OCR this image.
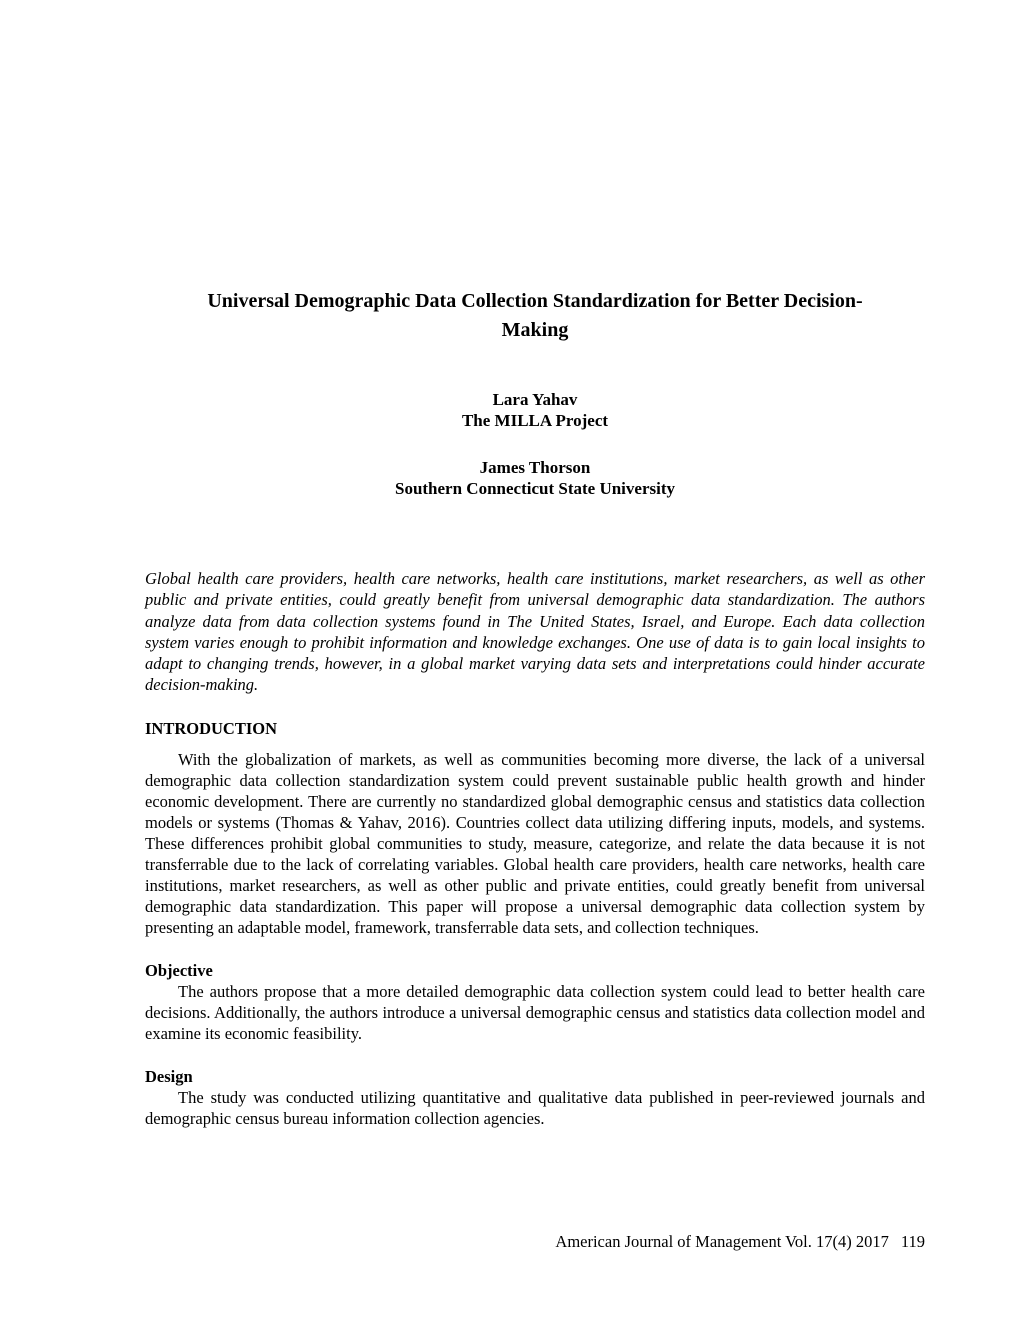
Universal Demographic Data Collection Standardization for Better Decision-Making
Lara Yahav
The MILLA Project
James Thorson
Southern Connecticut State University

Global health care providers, health care networks, health care institutions, market researchers, as well as other public and private entities, could greatly benefit from universal demographic data standardization. The authors analyze data from data collection systems found in The United States, Israel, and Europe. Each data collection system varies enough to prohibit information and knowledge exchanges. One use of data is to gain local insights to adapt to changing trends, however, in a global market varying data sets and interpretations could hinder accurate decision-making.

INTRODUCTION

With the globalization of markets, as well as communities becoming more diverse, the lack of a universal demographic data collection standardization system could prevent sustainable public health growth and hinder economic development. There are currently no standardized global demographic census and statistics data collection models or systems (Thomas & Yahav, 2016). Countries collect data utilizing differing inputs, models, and systems. These differences prohibit global communities to study, measure, categorize, and relate the data because it is not transferrable due to the lack of correlating variables. Global health care providers, health care networks, health care institutions, market researchers, as well as other public and private entities, could greatly benefit from universal demographic data standardization. This paper will propose a universal demographic data collection system by presenting an adaptable model, framework, transferrable data sets, and collection techniques.

Objective

The authors propose that a more detailed demographic data collection system could lead to better health care decisions. Additionally, the authors introduce a universal demographic census and statistics data collection model and examine its economic feasibility.

Design

The study was conducted utilizing quantitative and qualitative data published in peer-reviewed journals and demographic census bureau information collection agencies.

American Journal of Management Vol. 17(4) 2017 119
